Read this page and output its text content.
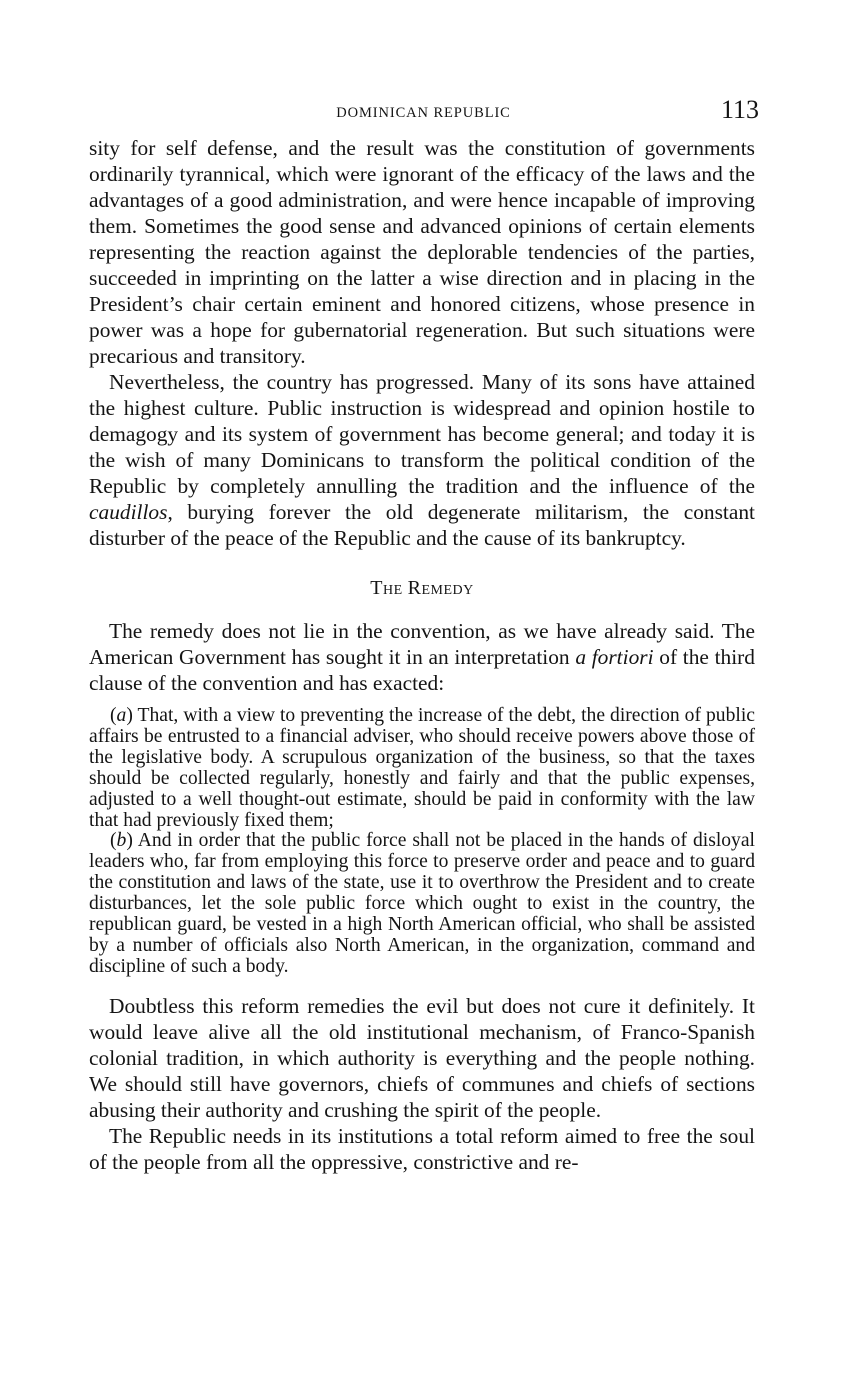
DOMINICAN REPUBLIC	113

sity for self defense, and the result was the constitution of governments ordinarily tyrannical, which were ignorant of the efficacy of the laws and the advantages of a good administration, and were hence incapable of improving them. Sometimes the good sense and advanced opinions of certain elements representing the reaction against the deplorable tendencies of the parties, succeeded in imprinting on the latter a wise direction and in placing in the President’s chair certain eminent and honored citizens, whose presence in power was a hope for gubernatorial regeneration. But such situations were precarious and transitory.

Nevertheless, the country has progressed. Many of its sons have attained the highest culture. Public instruction is widespread and opinion hostile to demagogy and its system of government has become general; and today it is the wish of many Dominicans to transform the political condition of the Republic by completely annulling the tradition and the influence of the caudillos, burying forever the old degenerate militarism, the constant disturber of the peace of the Republic and the cause of its bankruptcy.

THE REMEDY

The remedy does not lie in the convention, as we have already said. The American Government has sought it in an interpretation a fortiori of the third clause of the convention and has exacted:

(a) That, with a view to preventing the increase of the debt, the direction of public affairs be entrusted to a financial adviser, who should receive powers above those of the legislative body. A scrupulous organization of the business, so that the taxes should be collected regularly, honestly and fairly and that the public expenses, adjusted to a well thought-out estimate, should be paid in conformity with the law that had previously fixed them;

(b) And in order that the public force shall not be placed in the hands of disloyal leaders who, far from employing this force to preserve order and peace and to guard the constitution and laws of the state, use it to overthrow the President and to create disturbances, let the sole public force which ought to exist in the country, the republican guard, be vested in a high North American official, who shall be assisted by a number of officials also North American, in the organization, command and discipline of such a body.

Doubtless this reform remedies the evil but does not cure it definitely. It would leave alive all the old institutional mechanism, of Franco-Spanish colonial tradition, in which authority is everything and the people nothing. We should still have governors, chiefs of communes and chiefs of sections abusing their authority and crushing the spirit of the people.

The Republic needs in its institutions a total reform aimed to free the soul of the people from all the oppressive, constrictive and re-
